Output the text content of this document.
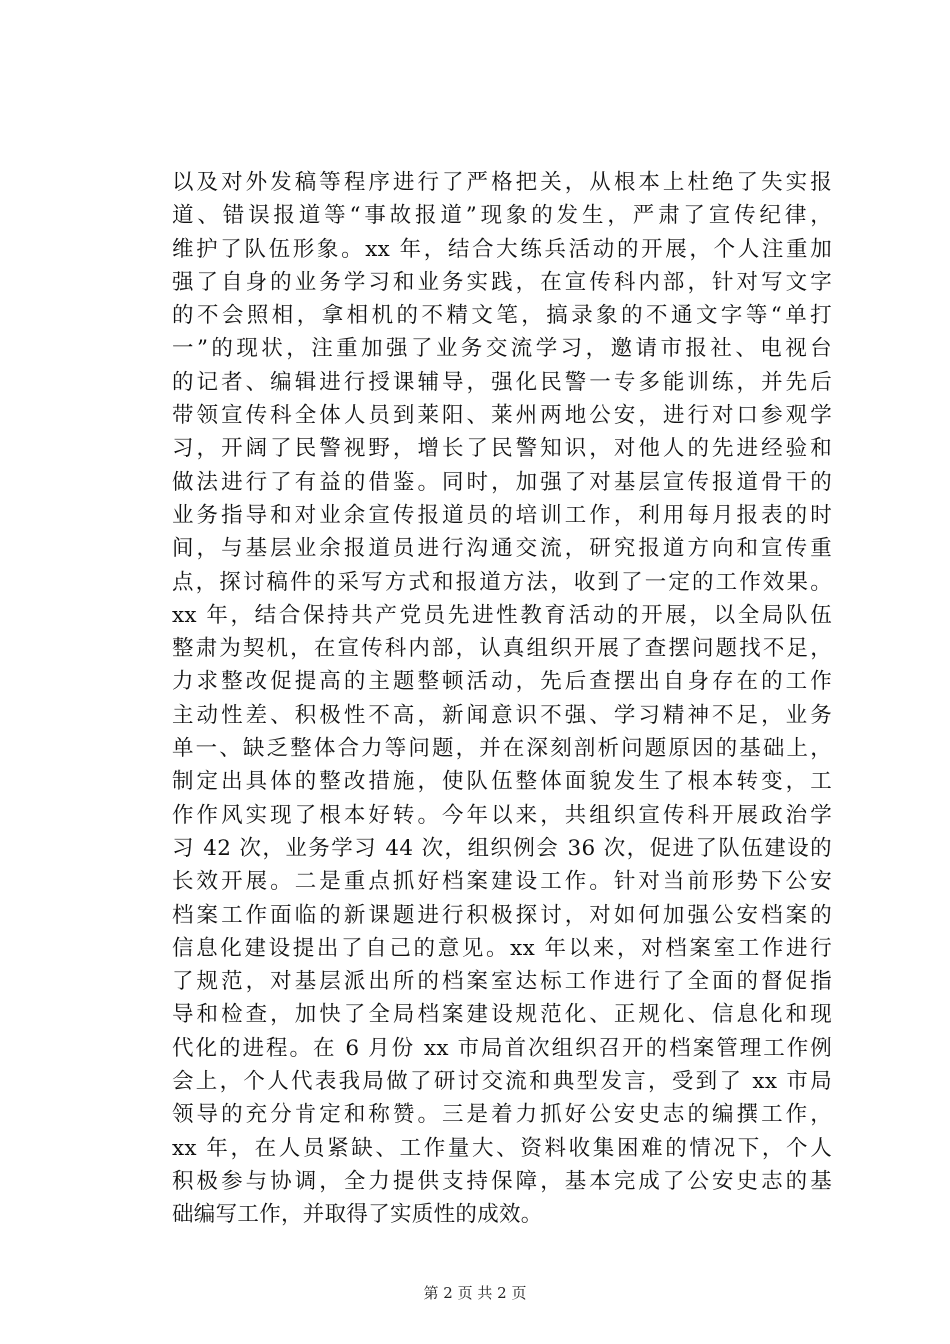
以及对外发稿等程序进行了严格把关，从根本上杜绝了失实报
道、错误报道等“事故报道”现象的发生，严肃了宣传纪律，
维护了队伍形象。xx 年，结合大练兵活动的开展，个人注重加
强了自身的业务学习和业务实践，在宣传科内部，针对写文字
的不会照相，拿相机的不精文笔，搞录象的不通文字等“单打
一”的现状，注重加强了业务交流学习，邀请市报社、电视台
的记者、编辑进行授课辅导，强化民警一专多能训练，并先后
带领宣传科全体人员到莱阳、莱州两地公安，进行对口参观学
习，开阔了民警视野，增长了民警知识，对他人的先进经验和
做法进行了有益的借鉴。同时，加强了对基层宣传报道骨干的
业务指导和对业余宣传报道员的培训工作，利用每月报表的时
间，与基层业余报道员进行沟通交流，研究报道方向和宣传重
点，探讨稿件的采写方式和报道方法，收到了一定的工作效果。
xx 年，结合保持共产党员先进性教育活动的开展，以全局队伍
整肃为契机，在宣传科内部，认真组织开展了查摆问题找不足，
力求整改促提高的主题整顿活动，先后查摆出自身存在的工作
主动性差、积极性不高，新闻意识不强、学习精神不足，业务
单一、缺乏整体合力等问题，并在深刻剖析问题原因的基础上，
制定出具体的整改措施，使队伍整体面貌发生了根本转变，工
作作风实现了根本好转。今年以来，共组织宣传科开展政治学
习 42 次，业务学习 44 次，组织例会 36 次，促进了队伍建设的
长效开展。二是重点抓好档案建设工作。针对当前形势下公安
档案工作面临的新课题进行积极探讨，对如何加强公安档案的
信息化建设提出了自己的意见。xx 年以来，对档案室工作进行
了规范，对基层派出所的档案室达标工作进行了全面的督促指
导和检查，加快了全局档案建设规范化、正规化、信息化和现
代化的进程。在 6 月份 xx 市局首次组织召开的档案管理工作例
会上，个人代表我局做了研讨交流和典型发言，受到了 xx 市局
领导的充分肯定和称赞。三是着力抓好公安史志的编撰工作，
xx 年，在人员紧缺、工作量大、资料收集困难的情况下，个人
积极参与协调，全力提供支持保障，基本完成了公安史志的基
础编写工作，并取得了实质性的成效。
第 2 页 共 2 页
